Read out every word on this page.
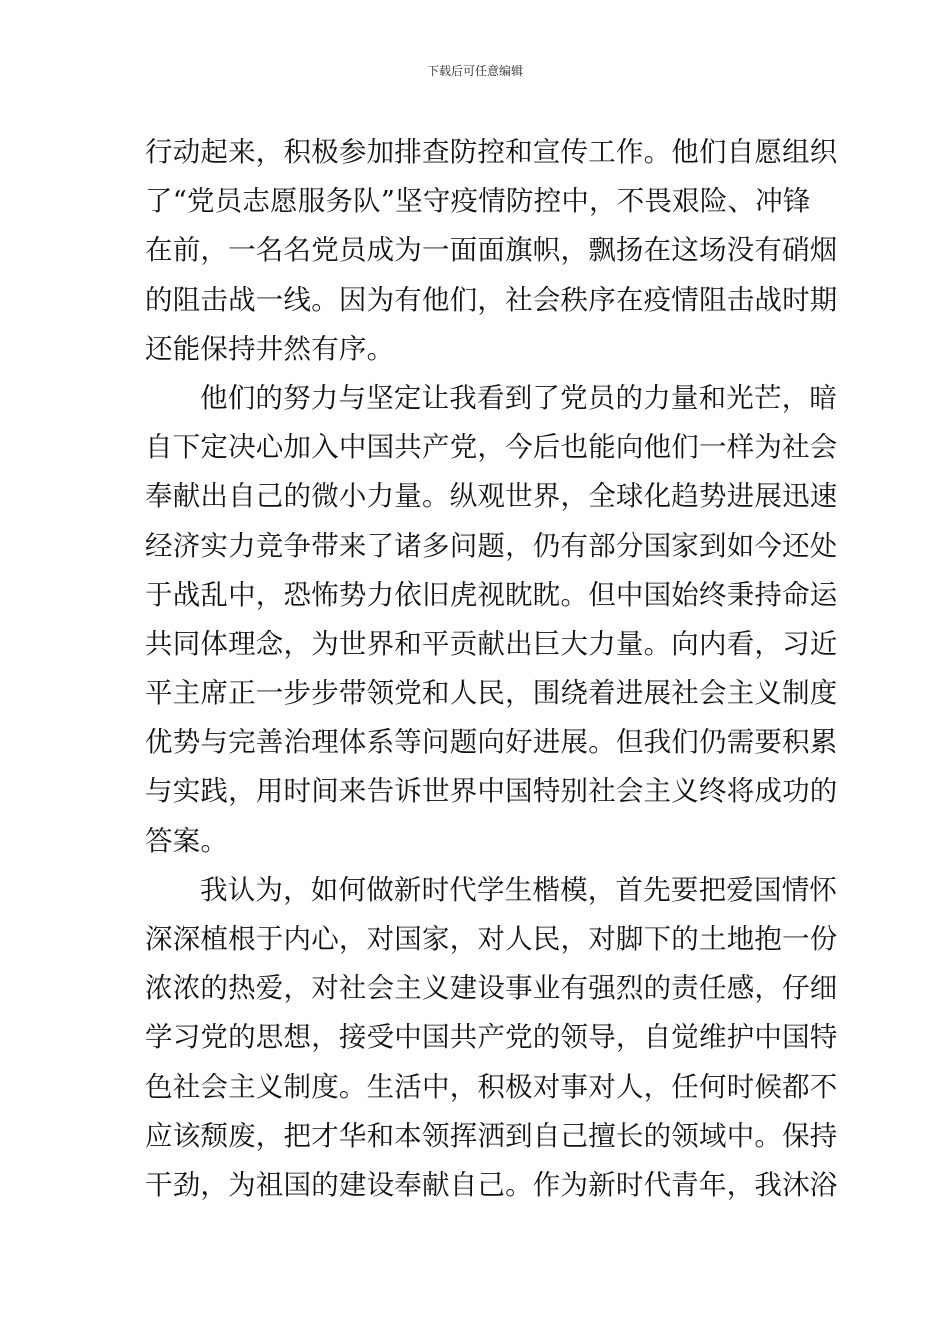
下载后可任意编辑
行动起来，积极参加排查防控和宣传工作。他们自愿组织
了“党员志愿服务队”坚守疫情防控中，不畏艰险、冲锋
在前，一名名党员成为一面面旗帜，飘扬在这场没有硝烟
的阻击战一线。因为有他们，社会秩序在疫情阻击战时期
还能保持井然有序。
他们的努力与坚定让我看到了党员的力量和光芒，暗
自下定决心加入中国共产党，今后也能向他们一样为社会
奉献出自己的微小力量。纵观世界，全球化趋势进展迅速
经济实力竞争带来了诸多问题，仍有部分国家到如今还处
于战乱中，恐怖势力依旧虎视眈眈。但中国始终秉持命运
共同体理念，为世界和平贡献出巨大力量。向内看，习近
平主席正一步步带领党和人民，围绕着进展社会主义制度
优势与完善治理体系等问题向好进展。但我们仍需要积累
与实践，用时间来告诉世界中国特别社会主义终将成功的
答案。
我认为，如何做新时代学生楷模，首先要把爱国情怀
深深植根于内心，对国家，对人民，对脚下的土地抱一份
浓浓的热爱，对社会主义建设事业有强烈的责任感，仔细
学习党的思想，接受中国共产党的领导，自觉维护中国特
色社会主义制度。生活中，积极对事对人，任何时候都不
应该颓废，把才华和本领挥洒到自己擅长的领域中。保持
干劲，为祖国的建设奉献自己。作为新时代青年，我沐浴
